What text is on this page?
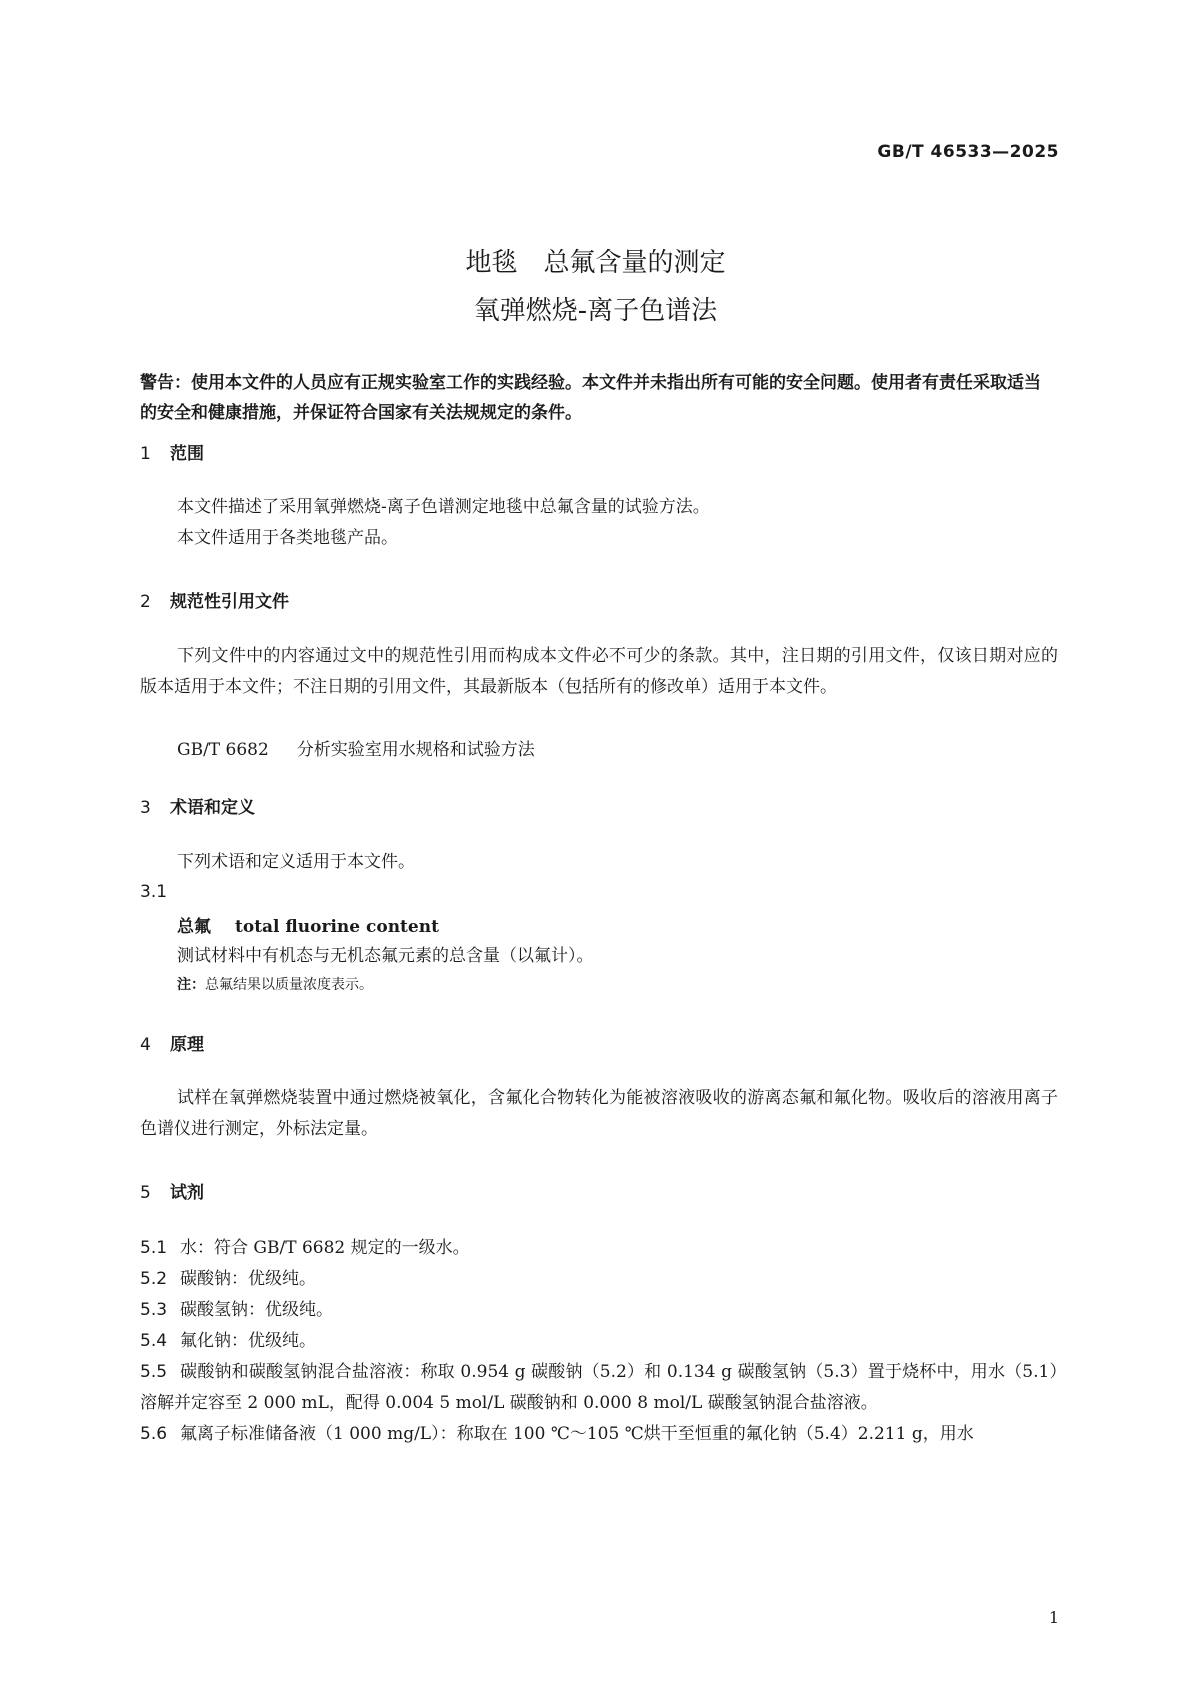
GB/T 46533—2025
地毯　总氟含量的测定
氧弹燃烧-离子色谱法
警告：使用本文件的人员应有正规实验室工作的实践经验。本文件并未指出所有可能的安全问题。使用者有责任采取适当的安全和健康措施，并保证符合国家有关法规规定的条件。
1 范围
本文件描述了采用氧弹燃烧-离子色谱测定地毯中总氟含量的试验方法。
本文件适用于各类地毯产品。
2 规范性引用文件
下列文件中的内容通过文中的规范性引用而构成本文件必不可少的条款。其中，注日期的引用文件，仅该日期对应的版本适用于本文件；不注日期的引用文件，其最新版本（包括所有的修改单）适用于本文件。
GB/T 6682 分析实验室用水规格和试验方法
3 术语和定义
下列术语和定义适用于本文件。
3.1
总氟 total fluorine content
测试材料中有机态与无机态氟元素的总含量（以氟计）。
注：总氟结果以质量浓度表示。
4 原理
试样在氧弹燃烧装置中通过燃烧被氧化，含氟化合物转化为能被溶液吸收的游离态氟和氟化物。吸收后的溶液用离子色谱仪进行测定，外标法定量。
5 试剂
5.1 水：符合 GB/T 6682 规定的一级水。
5.2 碳酸钠：优级纯。
5.3 碳酸氢钠：优级纯。
5.4 氟化钠：优级纯。
5.5 碳酸钠和碳酸氢钠混合盐溶液：称取 0.954 g 碳酸钠（5.2）和 0.134 g 碳酸氢钠（5.3）置于烧杯中，用水（5.1）溶解并定容至 2 000 mL，配得 0.004 5 mol/L 碳酸钠和 0.000 8 mol/L 碳酸氢钠混合盐溶液。
5.6 氟离子标准储备液（1 000 mg/L）：称取在 100 ℃～105 ℃烘干至恒重的氟化钠（5.4）2.211 g，用水
1
